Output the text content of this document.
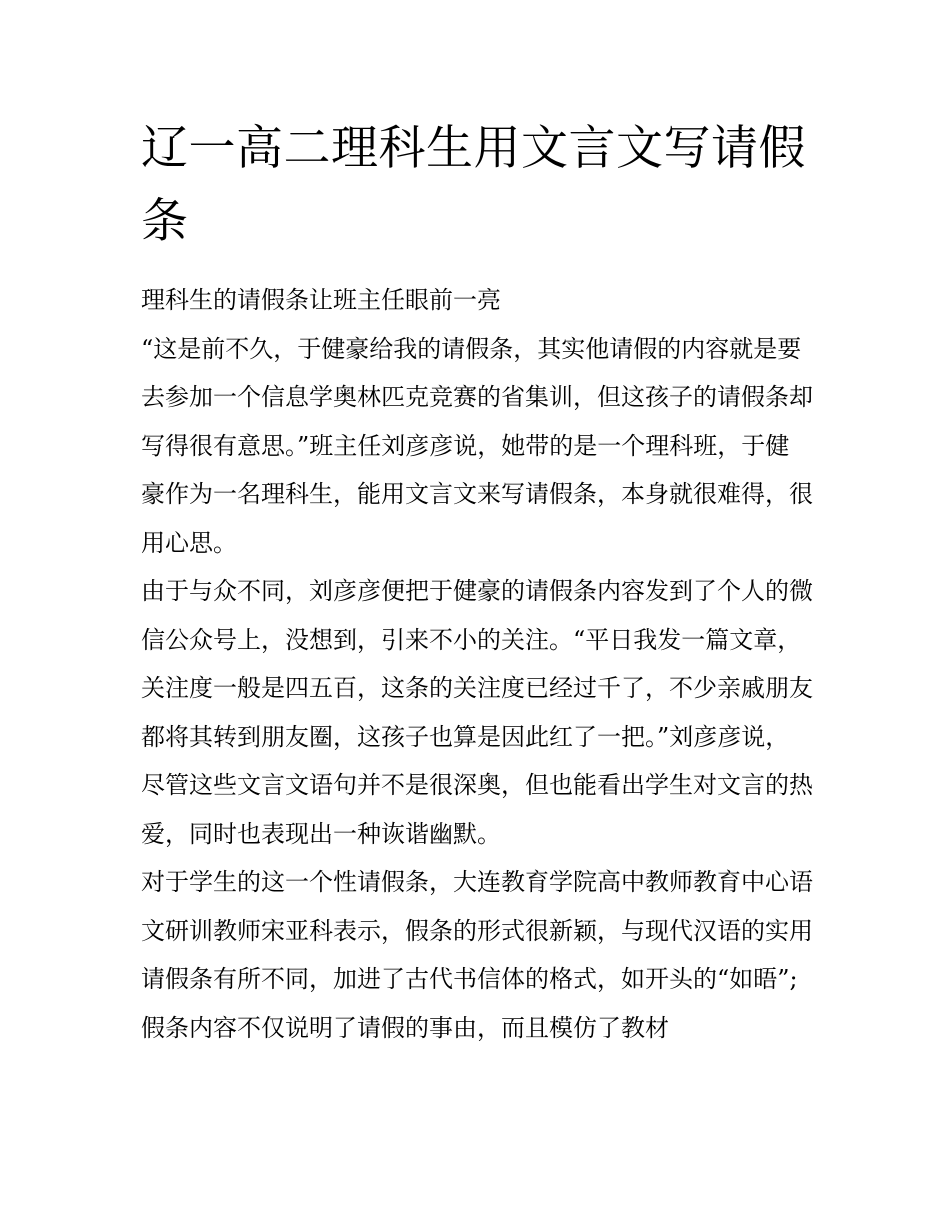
辽一高二理科生用文言文写请假条

理科生的请假条让班主任眼前一亮

“这是前不久，于健豪给我的请假条，其实他请假的内容就是要去参加一个信息学奥林匹克竞赛的省集训，但这孩子的请假条却写得很有意思。”班主任刘彦彦说，她带的是一个理科班，于健豪作为一名理科生，能用文言文来写请假条，本身就很难得，很用心思。

由于与众不同，刘彦彦便把于健豪的请假条内容发到了个人的微信公众号上，没想到，引来不小的关注。“平日我发一篇文章，关注度一般是四五百，这条的关注度已经过千了，不少亲戚朋友都将其转到朋友圈，这孩子也算是因此红了一把。”刘彦彦说，尽管这些文言文语句并不是很深奥，但也能看出学生对文言的热爱，同时也表现出一种诙谐幽默。

对于学生的这一个性请假条，大连教育学院高中教师教育中心语文研训教师宋亚科表示，假条的形式很新颖，与现代汉语的实用请假条有所不同，加进了古代书信体的格式，如开头的“如晤”;假条内容不仅说明了请假的事由，而且模仿了教材
